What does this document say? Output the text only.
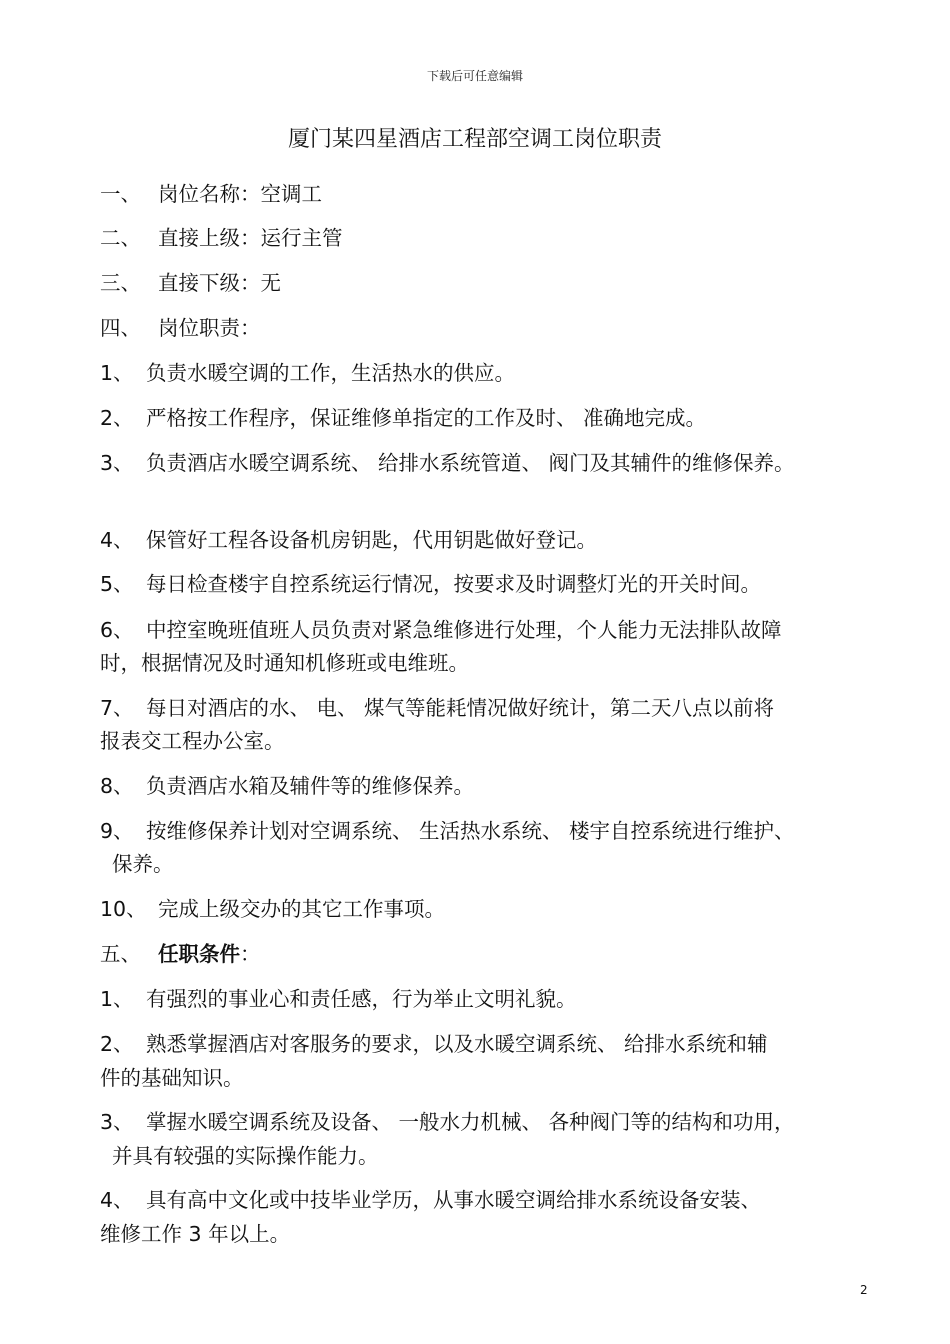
下载后可任意编辑
厦门某四星酒店工程部空调工岗位职责
一、 岗位名称：空调工
二、 直接上级：运行主管
三、 直接下级：无
四、 岗位职责：
1、 负责水暖空调的工作，生活热水的供应。
2、 严格按工作程序，保证维修单指定的工作及时、 准确地完成。
3、 负责酒店水暖空调系统、 给排水系统管道、 阀门及其辅件的维修保养。
4、 保管好工程各设备机房钥匙，代用钥匙做好登记。
5、 每日检查楼宇自控系统运行情况，按要求及时调整灯光的开关时间。
6、 中控室晚班值班人员负责对紧急维修进行处理，个人能力无法排队故障
时，根据情况及时通知机修班或电维班。
7、 每日对酒店的水、 电、 煤气等能耗情况做好统计，第二天八点以前将
报表交工程办公室。
8、 负责酒店水箱及辅件等的维修保养。
9、 按维修保养计划对空调系统、 生活热水系统、 楼宇自控系统进行维护、
保养。
10、 完成上级交办的其它工作事项。
五、 任职条件：
1、 有强烈的事业心和责任感，行为举止文明礼貌。
2、 熟悉掌握酒店对客服务的要求，以及水暖空调系统、 给排水系统和辅
件的基础知识。
3、 掌握水暖空调系统及设备、 一般水力机械、 各种阀门等的结构和功用，
并具有较强的实际操作能力。
4、 具有高中文化或中技毕业学历，从事水暖空调给排水系统设备安装、
维修工作 3 年以上。
2
